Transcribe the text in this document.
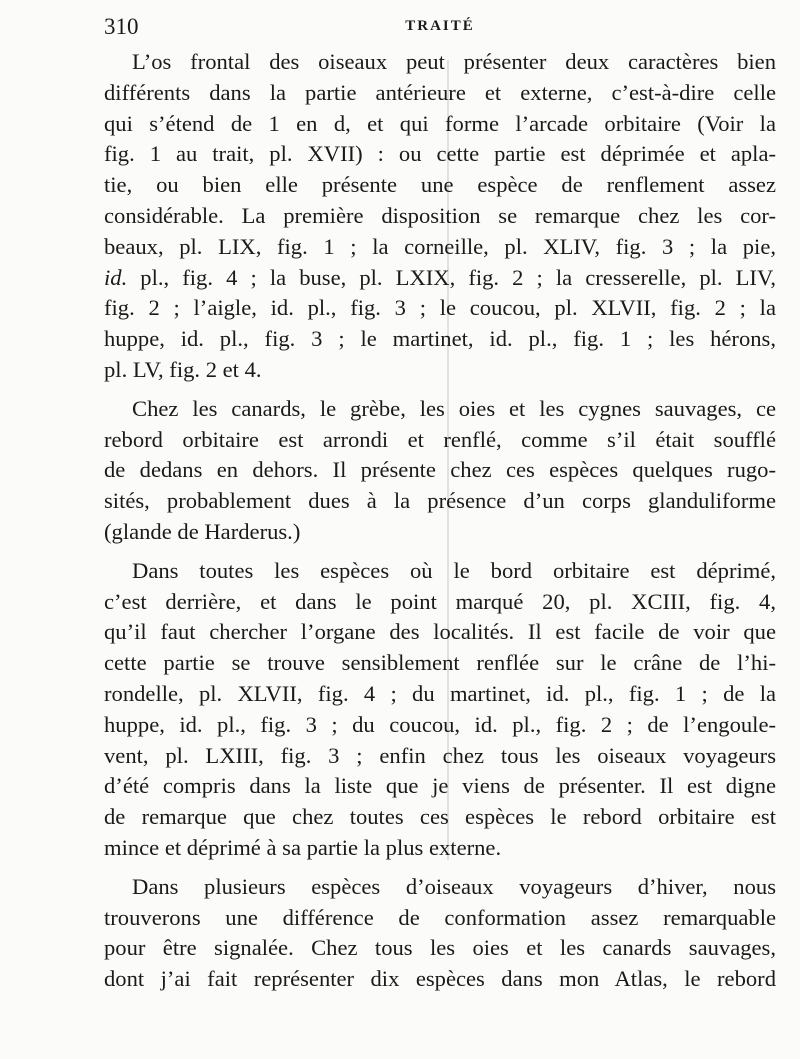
310	TRAITÉ

L’os frontal des oiseaux peut présenter deux caractères bien
différents dans la partie antérieure et externe, c’est-à-dire celle
qui s’étend de 1 en d, et qui forme l’arcade orbitaire (Voir la
fig. 1 au trait, pl. XVII) : ou cette partie est déprimée et apla-
tie, ou bien elle présente une espèce de renflement assez
considérable. La première disposition se remarque chez les cor-
beaux, pl. LIX, fig. 1 ; la corneille, pl. XLIV, fig. 3 ; la pie,
id. pl., fig. 4 ; la buse, pl. LXIX, fig. 2 ; la cresserelle, pl. LIV,
fig. 2 ; l’aigle, id. pl., fig. 3 ; le coucou, pl. XLVII, fig. 2 ; la
huppe, id. pl., fig. 3 ; le martinet, id. pl., fig. 1 ; les hérons,
pl. LV, fig. 2 et 4.

Chez les canards, le grèbe, les oies et les cygnes sauvages, ce
rebord orbitaire est arrondi et renflé, comme s’il était soufflé
de dedans en dehors. Il présente chez ces espèces quelques rugo-
sités, probablement dues à la présence d’un corps glanduliforme
(glande de Harderus.)

Dans toutes les espèces où le bord orbitaire est déprimé,
c’est derrière, et dans le point marqué 20, pl. XCIII, fig. 4,
qu’il faut chercher l’organe des localités. Il est facile de voir que
cette partie se trouve sensiblement renflée sur le crâne de l’hi-
rondelle, pl. XLVII, fig. 4 ; du martinet, id. pl., fig. 1 ; de la
huppe, id. pl., fig. 3 ; du coucou, id. pl., fig. 2 ; de l’engoule-
vent, pl. LXIII, fig. 3 ; enfin chez tous les oiseaux voyageurs
d’été compris dans la liste que je viens de présenter. Il est digne
de remarque que chez toutes ces espèces le rebord orbitaire est
mince et déprimé à sa partie la plus externe.

Dans plusieurs espèces d’oiseaux voyageurs d’hiver, nous
trouverons une différence de conformation assez remarquable
pour être signalée. Chez tous les oies et les canards sauvages,
dont j’ai fait représenter dix espèces dans mon Atlas, le rebord
